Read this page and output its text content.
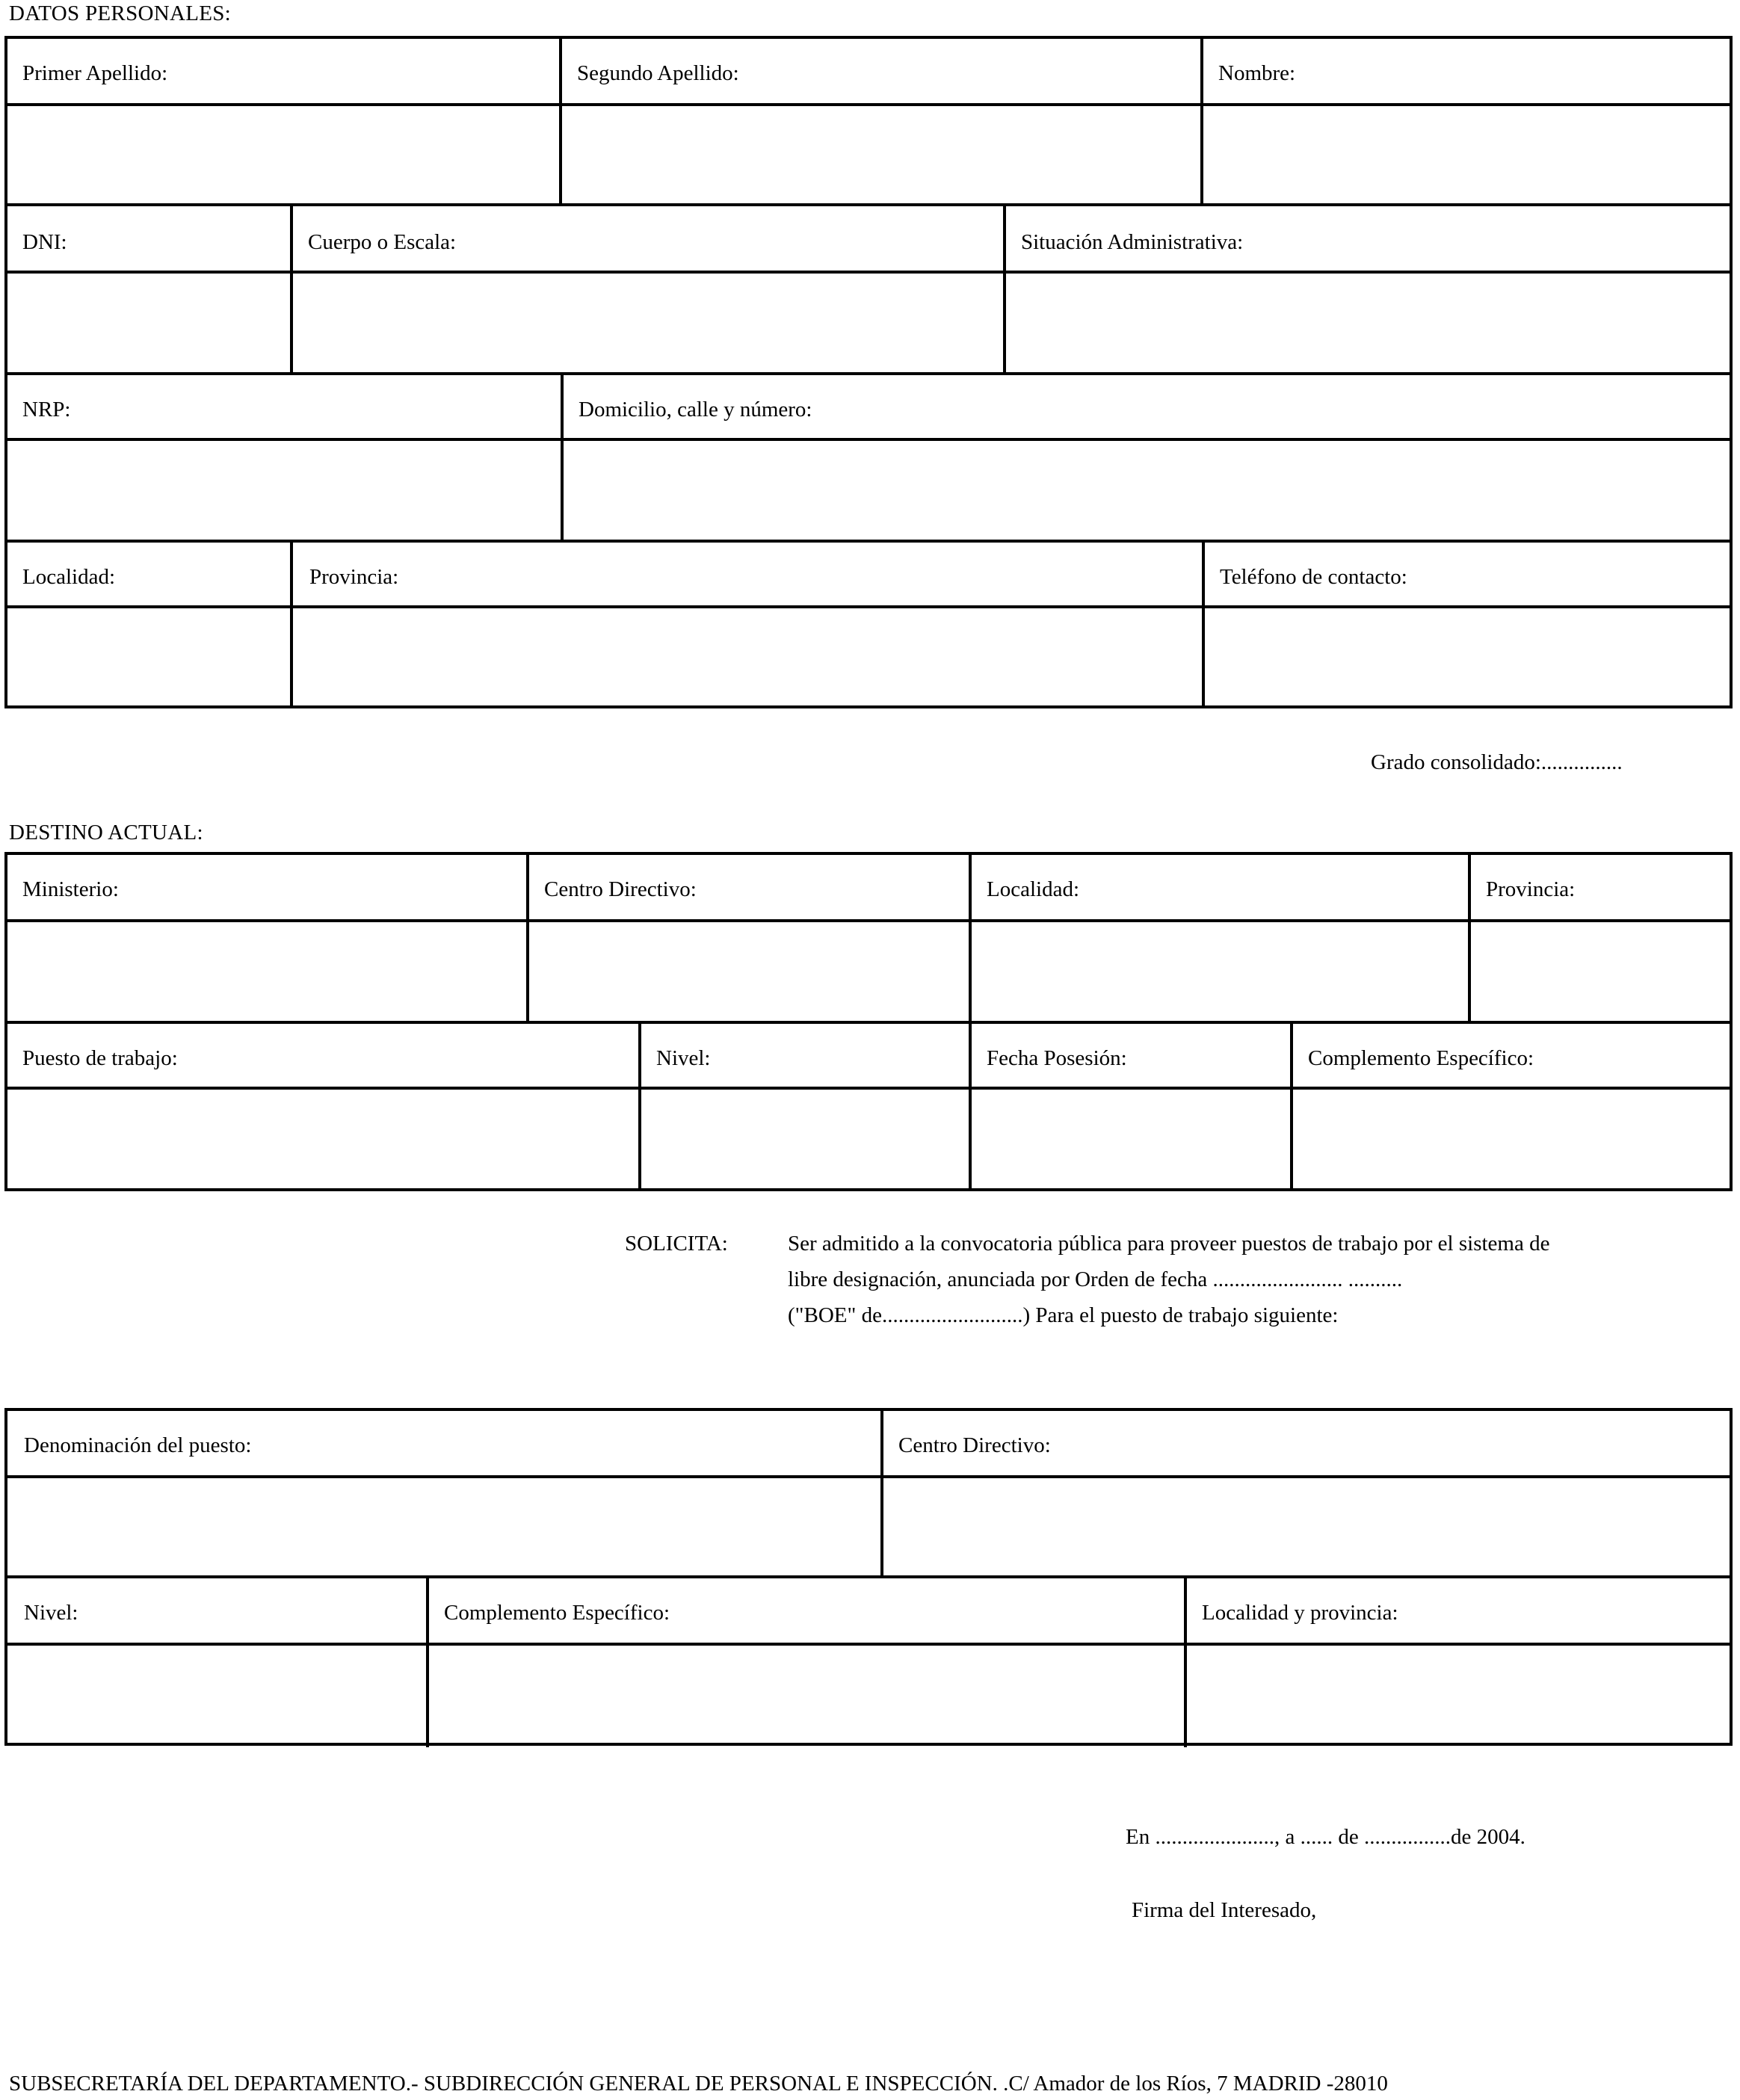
DATOS PERSONALES:
Primer Apellido:	Segundo Apellido:	Nombre:
DNI:	Cuerpo o Escala:	Situación Administrativa:
NRP:	Domicilio, calle y número:
Localidad:	Provincia:	Teléfono de contacto:
Grado consolidado:...............
DESTINO ACTUAL:
Ministerio:	Centro Directivo:	Localidad:	Provincia:
Puesto de trabajo:	Nivel:	Fecha Posesión:	Complemento Específico:
SOLICITA:	Ser admitido a la convocatoria pública para proveer puestos de trabajo por el sistema de
libre designación, anunciada por Orden de fecha ........................ ..........
("BOE" de..........................) Para el puesto de trabajo siguiente:
Denominación del puesto:	Centro Directivo:
Nivel:	Complemento Específico:	Localidad y provincia:
En ......................, a ...... de ................de 2004.
Firma del Interesado,
SUBSECRETARÍA DEL DEPARTAMENTO.- SUBDIRECCIÓN GENERAL DE PERSONAL E INSPECCIÓN. .C/ Amador de los Ríos, 7 MADRID -28010
